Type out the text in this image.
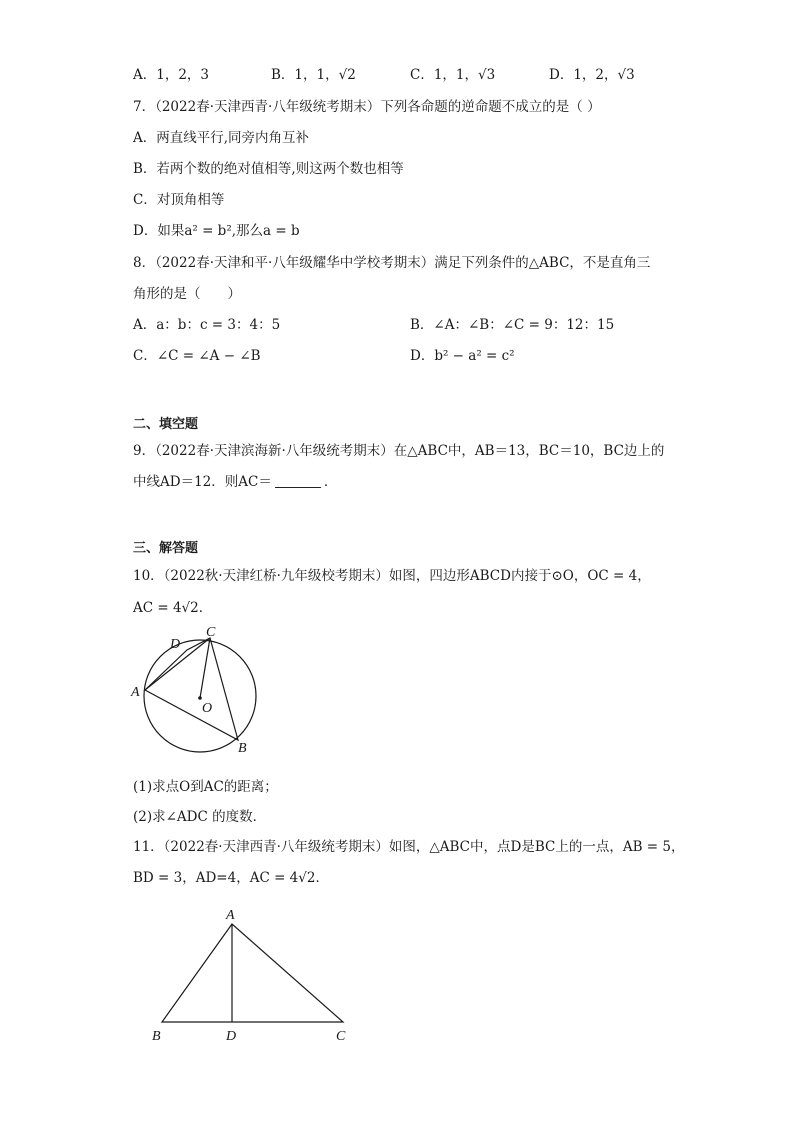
A．1，2，3	B．1，1，√2	C．1，1，√3	D．1，2，√3
7．（2022春·天津西青·八年级统考期末）下列各命题的逆命题不成立的是（ ）
A．两直线平行,同旁内角互补
B．若两个数的绝对值相等,则这两个数也相等
C．对顶角相等
D．如果a² = b²,那么a = b
8．（2022春·天津和平·八年级耀华中学校考期末）满足下列条件的△ABC，不是直角三
角形的是（　　）
A．a：b：c = 3：4：5	B．∠A：∠B：∠C = 9：12：15
C．∠C = ∠A − ∠B	D．b² − a² = c²
二、填空题
9．（2022春·天津滨海新·八年级统考期末）在△ABC中，AB＝13，BC＝10，BC边上的
中线AD＝12．则AC＝	．
三、解答题
10．（2022秋·天津红桥·九年级校考期末）如图，四边形ABCD内接于⊙O，OC = 4，
AC = 4√2．
A
B
C
D
O
(1)求点O到AC的距离；
(2)求∠ADC 的度数．
11．（2022春·天津西青·八年级统考期末）如图，△ABC中，点D是BC上的一点，AB = 5，
BD = 3，AD=4，AC = 4√2．
A
B	D	C
